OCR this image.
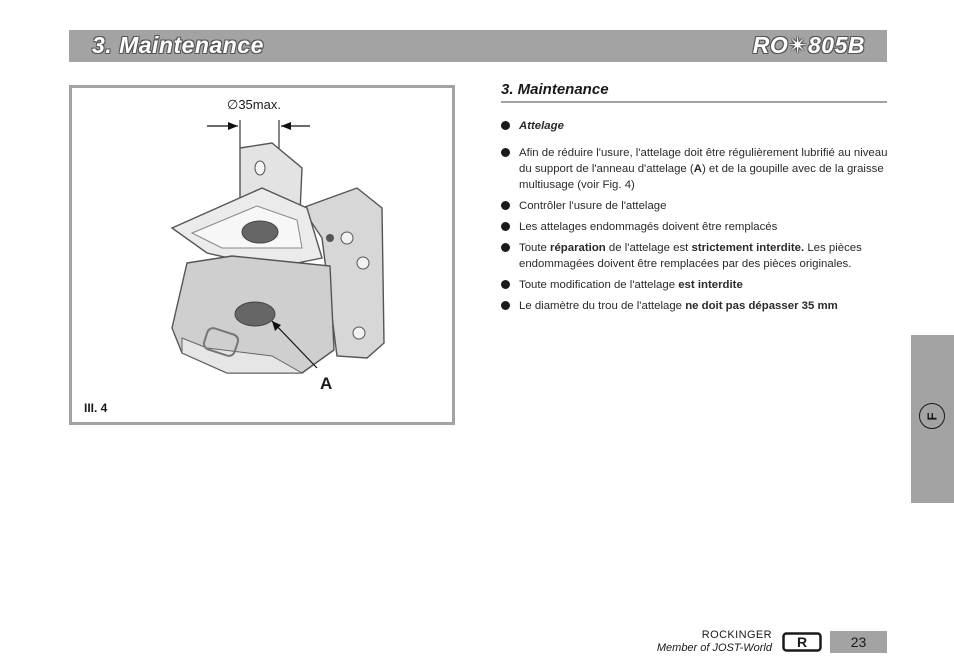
3. Maintenance	RO✴805B
∅35max.
A
III. 4
3. Maintenance
Attelage
Afin de réduire l'usure, l'attelage doit être régulièrement lubrifié au niveau du support de l'anneau d'attelage (A) et de la goupille avec de la graisse multiusage (voir Fig. 4)
Contrôler l'usure de l'attelage
Les attelages endommagés doivent être remplacés
Toute réparation de l'attelage est strictement interdite. Les pièces endommagées doivent être remplacées par des pièces originales.
Toute modification de l'attelage est interdite
Le diamètre du trou de l'attelage ne doit pas dépasser 35 mm
F
ROCKINGER
Member of JOST-World R	23
